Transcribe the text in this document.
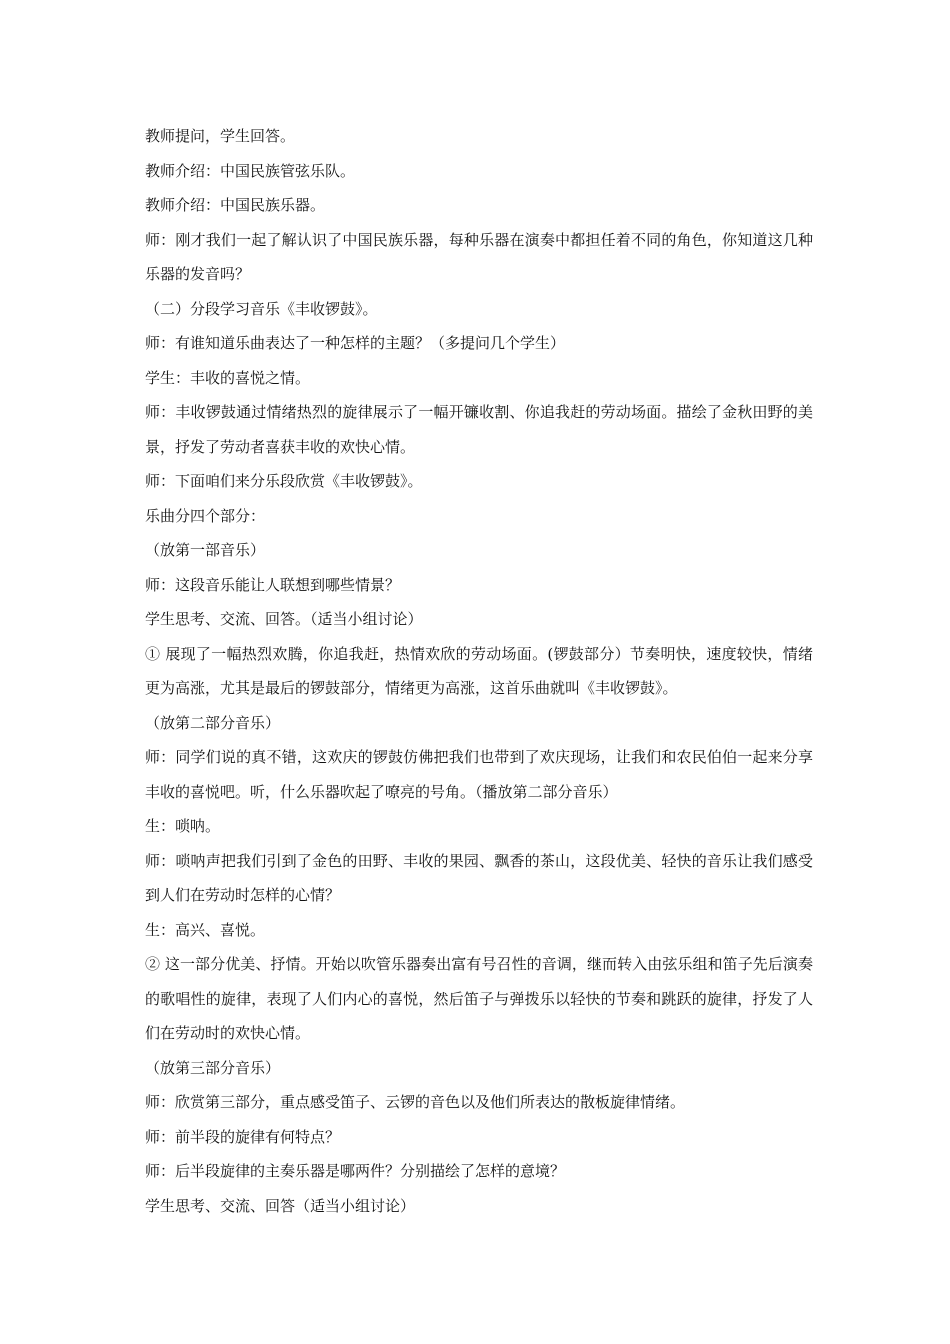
教师提问，学生回答。
教师介绍：中国民族管弦乐队。
教师介绍：中国民族乐器。
师：刚才我们一起了解认识了中国民族乐器，每种乐器在演奏中都担任着不同的角色，你知道这几种乐器的发音吗？
（二）分段学习音乐《丰收锣鼓》。
师：有谁知道乐曲表达了一种怎样的主题？（多提问几个学生）
学生：丰收的喜悦之情。
师：丰收锣鼓通过情绪热烈的旋律展示了一幅开镰收割、你追我赶的劳动场面。描绘了金秋田野的美景，抒发了劳动者喜获丰收的欢快心情。
师：下面咱们来分乐段欣赏《丰收锣鼓》。
乐曲分四个部分：
（放第一部音乐）
师：这段音乐能让人联想到哪些情景？
学生思考、交流、回答。（适当小组讨论）
① 展现了一幅热烈欢腾，你追我赶，热情欢欣的劳动场面。(锣鼓部分）节奏明快，速度较快，情绪更为高涨，尤其是最后的锣鼓部分，情绪更为高涨，这首乐曲就叫《丰收锣鼓》。
（放第二部分音乐）
师：同学们说的真不错，这欢庆的锣鼓仿佛把我们也带到了欢庆现场，让我们和农民伯伯一起来分享丰收的喜悦吧。听，什么乐器吹起了嘹亮的号角。（播放第二部分音乐）
生：唢呐。
师：唢呐声把我们引到了金色的田野、丰收的果园、飘香的茶山，这段优美、轻快的音乐让我们感受到人们在劳动时怎样的心情？
生：高兴、喜悦。
② 这一部分优美、抒情。开始以吹管乐器奏出富有号召性的音调，继而转入由弦乐组和笛子先后演奏的歌唱性的旋律，表现了人们内心的喜悦，然后笛子与弹拨乐以轻快的节奏和跳跃的旋律，抒发了人们在劳动时的欢快心情。
（放第三部分音乐）
师：欣赏第三部分，重点感受笛子、云锣的音色以及他们所表达的散板旋律情绪。
师：前半段的旋律有何特点？
师：后半段旋律的主奏乐器是哪两件？分别描绘了怎样的意境？
学生思考、交流、回答（适当小组讨论）
